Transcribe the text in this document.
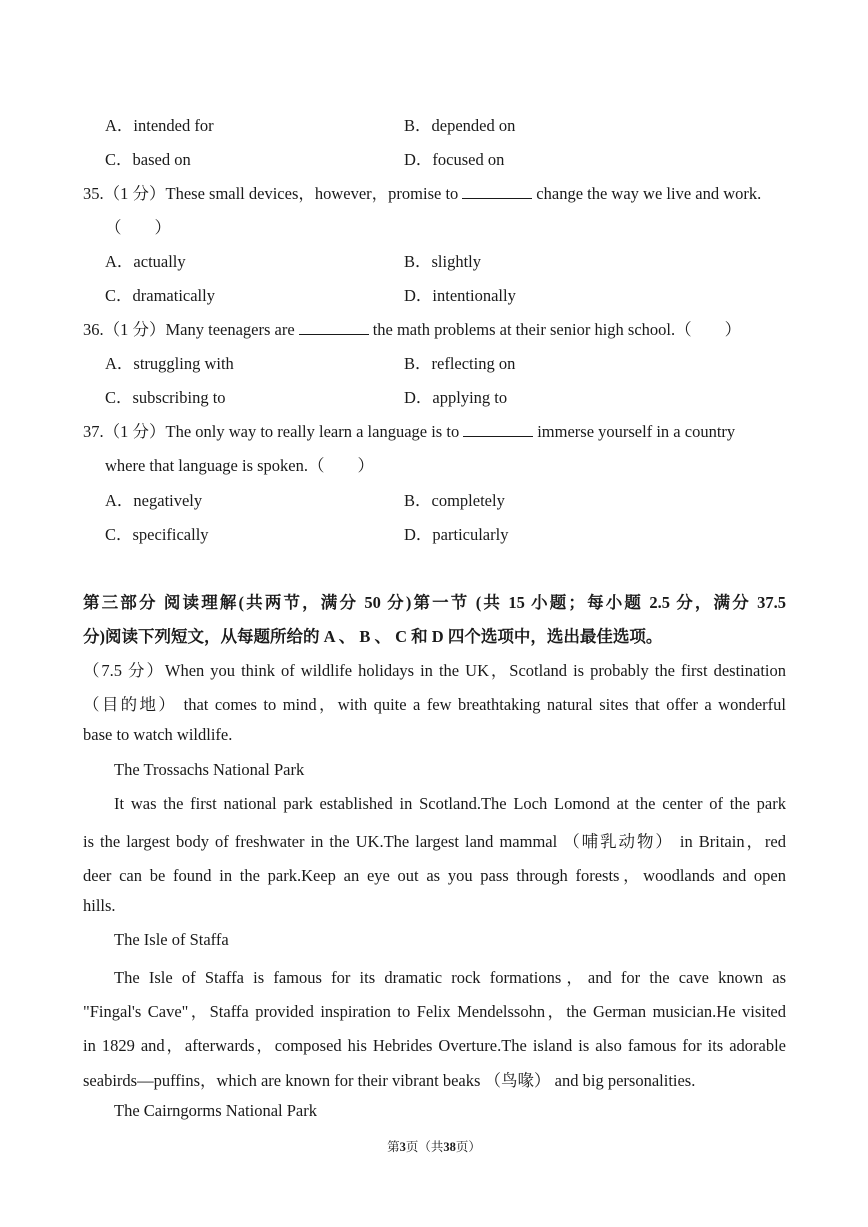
A．intended for	B．depended on
C．based on	D．focused on
35.（1 分）These small devices，however，promise to	change the way we live and work.
（　　）
A．actually	B．slightly
C．dramatically	D．intentionally
36.（1 分）Many teenagers are	the math problems at their senior high school.（　　）
A．struggling with	B．reflecting on
C．subscribing to	D．applying to
37.（1 分）The only way to really learn a language is to	immerse yourself in a country
where that language is spoken.（　　）
A．negatively	B．completely
C．specifically	D．particularly
第三部分 阅读理解(共两节，满分 50 分)第一节 (共 15 小题；每小题 2.5 分，满分 37.5
分)阅读下列短文，从每题所给的 A 、 B 、 C 和 D 四个选项中，选出最佳选项。
（7.5 分）When you think of wildlife holidays in the UK，Scotland is probably the first destination
（目的地） that comes to mind，with quite a few breathtaking natural sites that offer a wonderful
base to watch wildlife.
The Trossachs National Park
It was the first national park established in Scotland.The Loch Lomond at the center of the park
is the largest body of freshwater in the UK.The largest land mammal （哺乳动物） in Britain，red
deer can be found in the park.Keep an eye out as you pass through forests，woodlands and open
hills.
The Isle of Staffa
The Isle of Staffa is famous for its dramatic rock formations，and for the cave known as
"Fingal's Cave"，Staffa provided inspiration to Felix Mendelssohn，the German musician.He visited
in 1829 and，afterwards，composed his Hebrides Overture.The island is also famous for its adorable
seabirds—puffins，which are known for their vibrant beaks （鸟喙） and big personalities.
The Cairngorms National Park
第3页（共38页）
